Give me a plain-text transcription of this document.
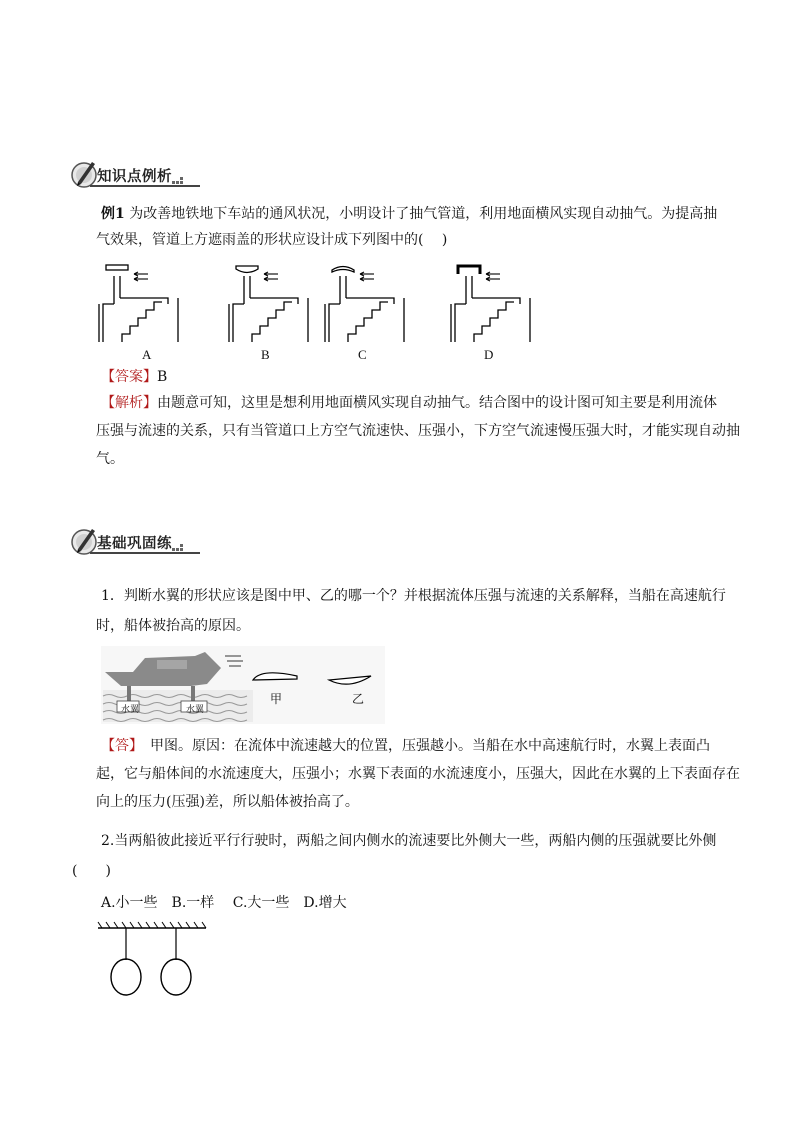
知识点例析

例1 为改善地铁地下车站的通风状况，小明设计了抽气管道，利用地面横风实现自动抽气。为提高抽

气效果，管道上方遮雨盖的形状应设计成下列图中的(　 )

A	B	C	D

【答案】B

【解析】由题意可知，这里是想利用地面横风实现自动抽气。结合图中的设计图可知主要是利用流体

压强与流速的关系，只有当管道口上方空气流速快、压强小，下方空气流速慢压强大时，才能实现自动抽

气。

基础巩固练

1．判断水翼的形状应该是图中甲、乙的哪一个？并根据流体压强与流速的关系解释，当船在高速航行

时，船体被抬高的原因。

水翼	水翼
甲	乙

【答】　甲图。原因：在流体中流速越大的位置，压强越小。当船在水中高速航行时，水翼上表面凸

起，它与船体间的水流速度大，压强小；水翼下表面的水流速度小，压强大，因此在水翼的上下表面存在

向上的压力(压强)差，所以船体被抬高了。

2.当两船彼此接近平行行驶时，两船之间内侧水的流速要比外侧大一些，两船内侧的压强就要比外侧

(　　)

A.小一些　B.一样　 C.大一些　D.增大
